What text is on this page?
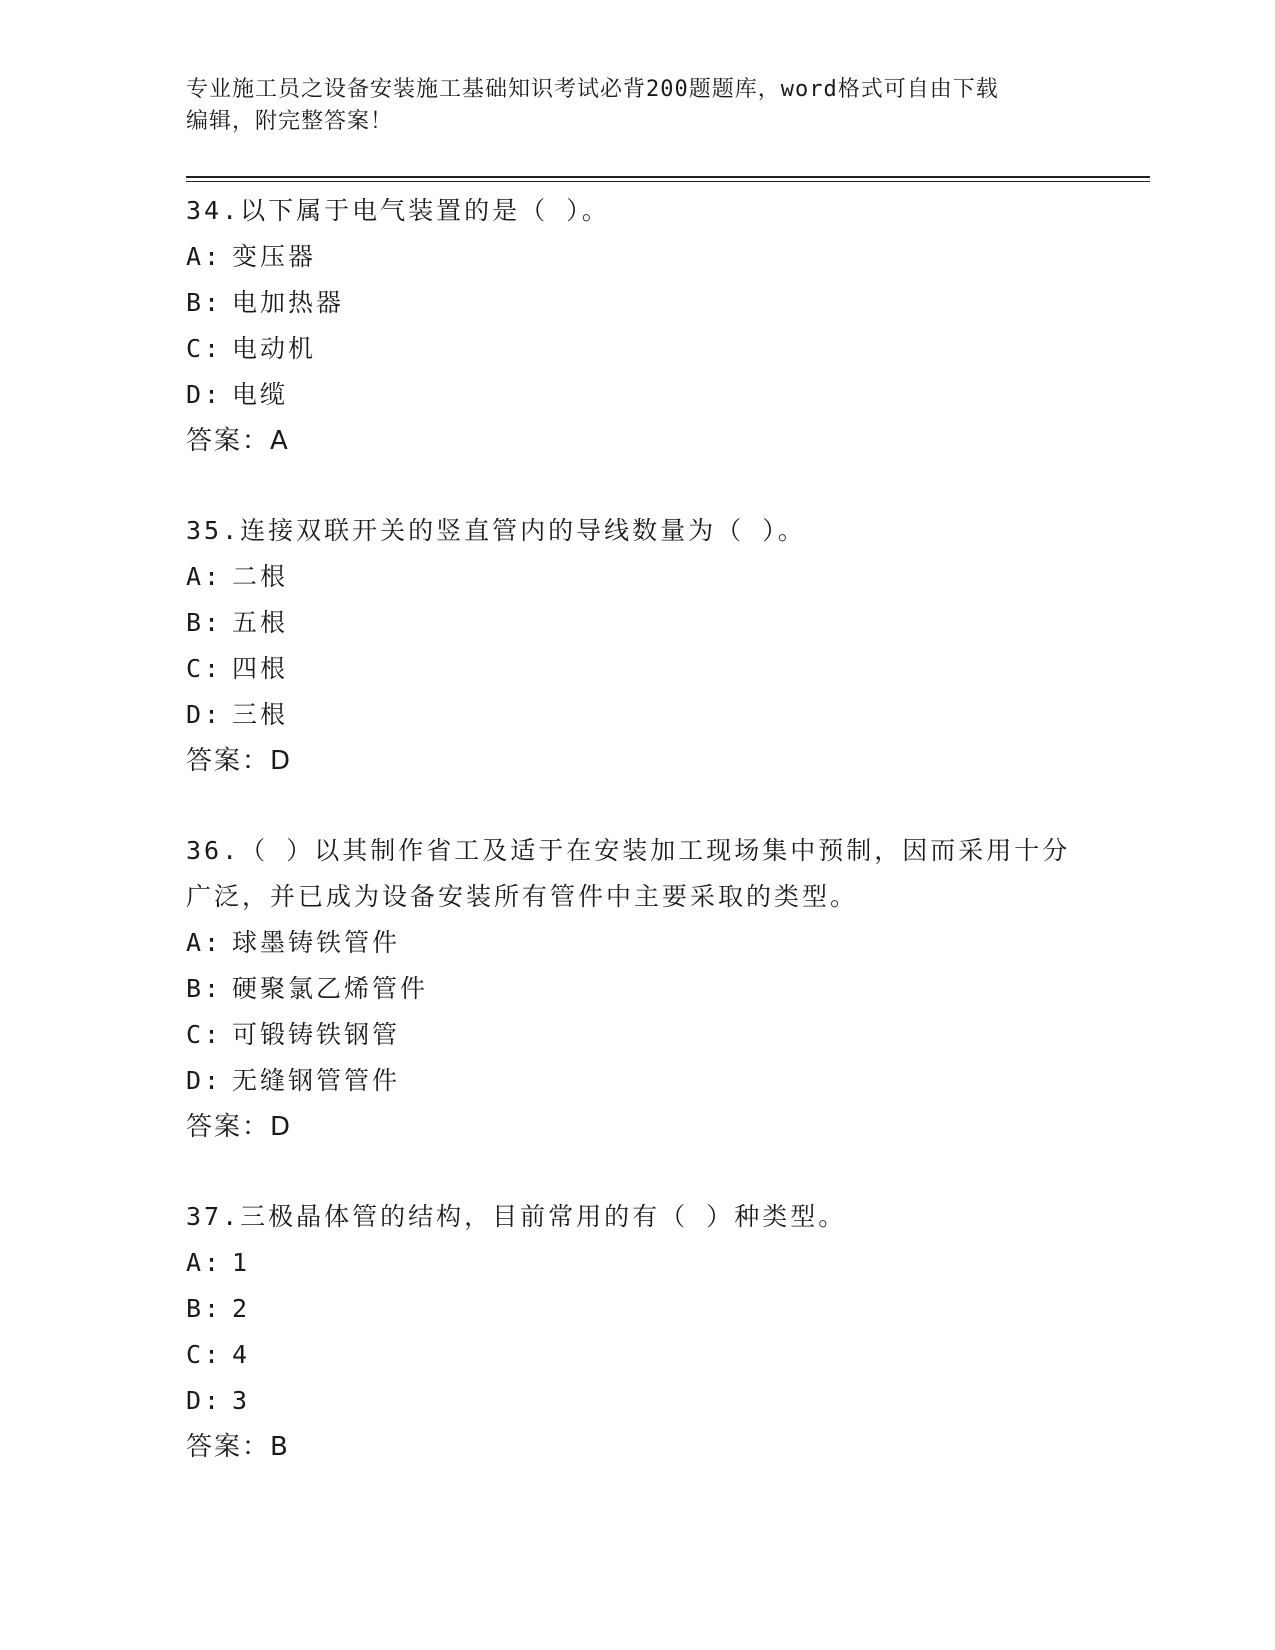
专业施工员之设备安装施工基础知识考试必背200题题库，word格式可自由下载
编辑，附完整答案！
34.以下属于电气装置的是（ ）。
A: 变压器
B: 电加热器
C: 电动机
D: 电缆
答案：A
35.连接双联开关的竖直管内的导线数量为（ ）。
A: 二根
B: 五根
C: 四根
D: 三根
答案：D
36.（ ）以其制作省工及适于在安装加工现场集中预制，因而采用十分广泛，并已成为设备安装所有管件中主要采取的类型。
A: 球墨铸铁管件
B: 硬聚氯乙烯管件
C: 可锻铸铁钢管
D: 无缝钢管管件
答案：D
37.三极晶体管的结构，目前常用的有（ ）种类型。
A: 1
B: 2
C: 4
D: 3
答案：B
